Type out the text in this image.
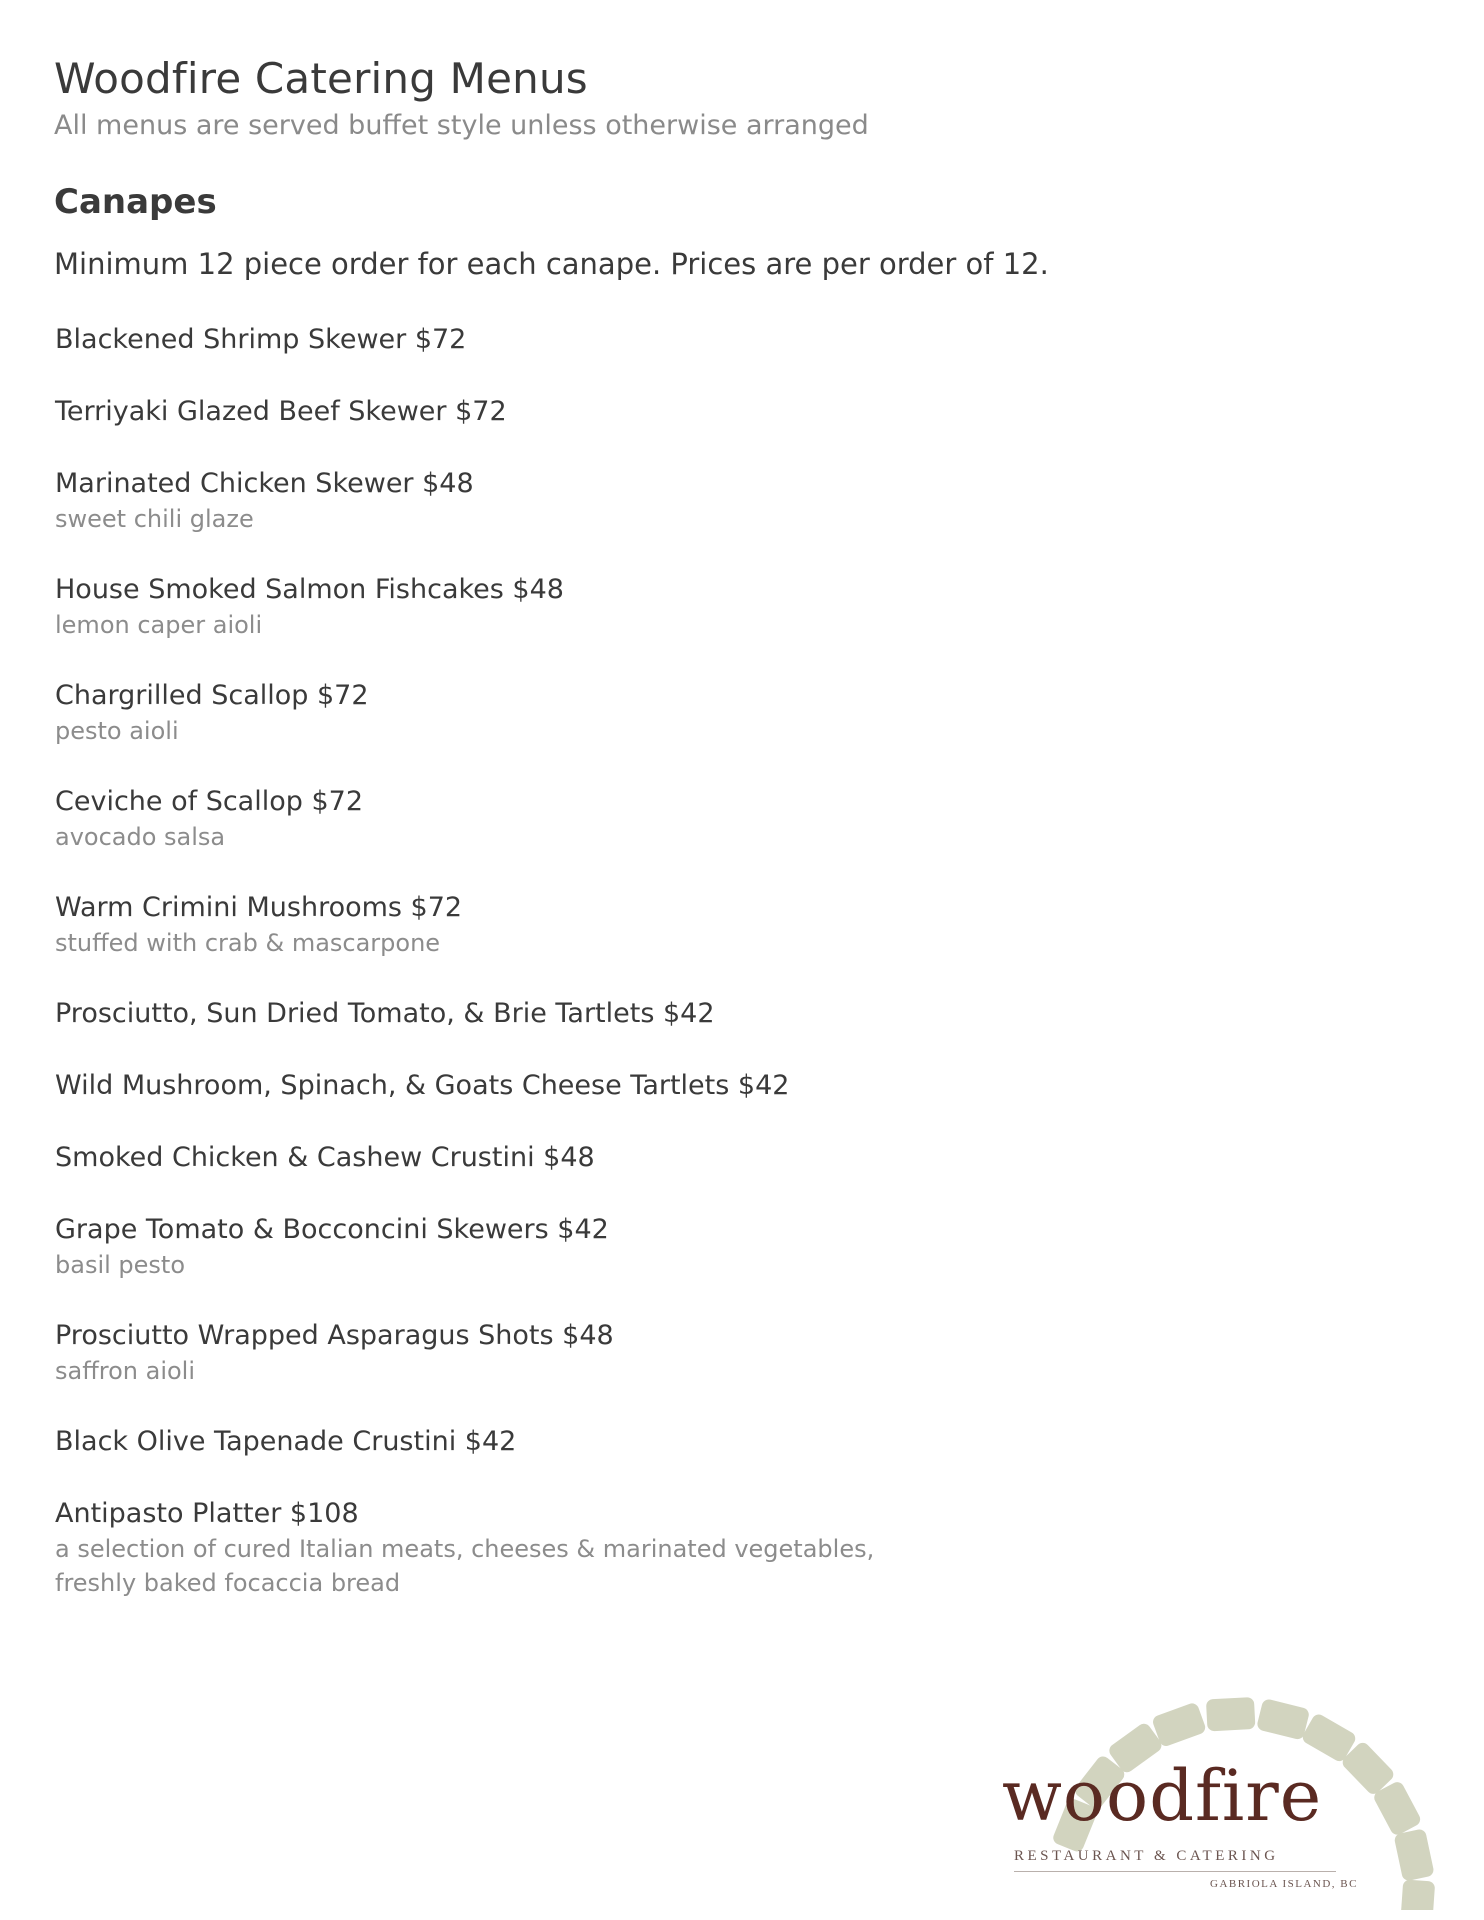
Woodfire Catering Menus

All menus are served buffet style unless otherwise arranged

Canapes

Minimum 12 piece order for each canape. Prices are per order of 12.

Blackened Shrimp Skewer $72
Terriyaki Glazed Beef Skewer $72
Marinated Chicken Skewer $48
sweet chili glaze
House Smoked Salmon Fishcakes $48
lemon caper aioli
Chargrilled Scallop $72
pesto aioli
Ceviche of Scallop $72
avocado salsa
Warm Crimini Mushrooms $72
stuffed with crab & mascarpone
Prosciutto, Sun Dried Tomato, & Brie Tartlets $42
Wild Mushroom, Spinach, & Goats Cheese Tartlets $42
Smoked Chicken & Cashew Crustini $48
Grape Tomato & Bocconcini Skewers $42
basil pesto
Prosciutto Wrapped Asparagus Shots $48
saffron aioli
Black Olive Tapenade Crustini $42
Antipasto Platter $108
a selection of cured Italian meats, cheeses & marinated vegetables,
freshly baked focaccia bread
woodfire
RESTAURANT & CATERING
GABRIOLA ISLAND, BC
